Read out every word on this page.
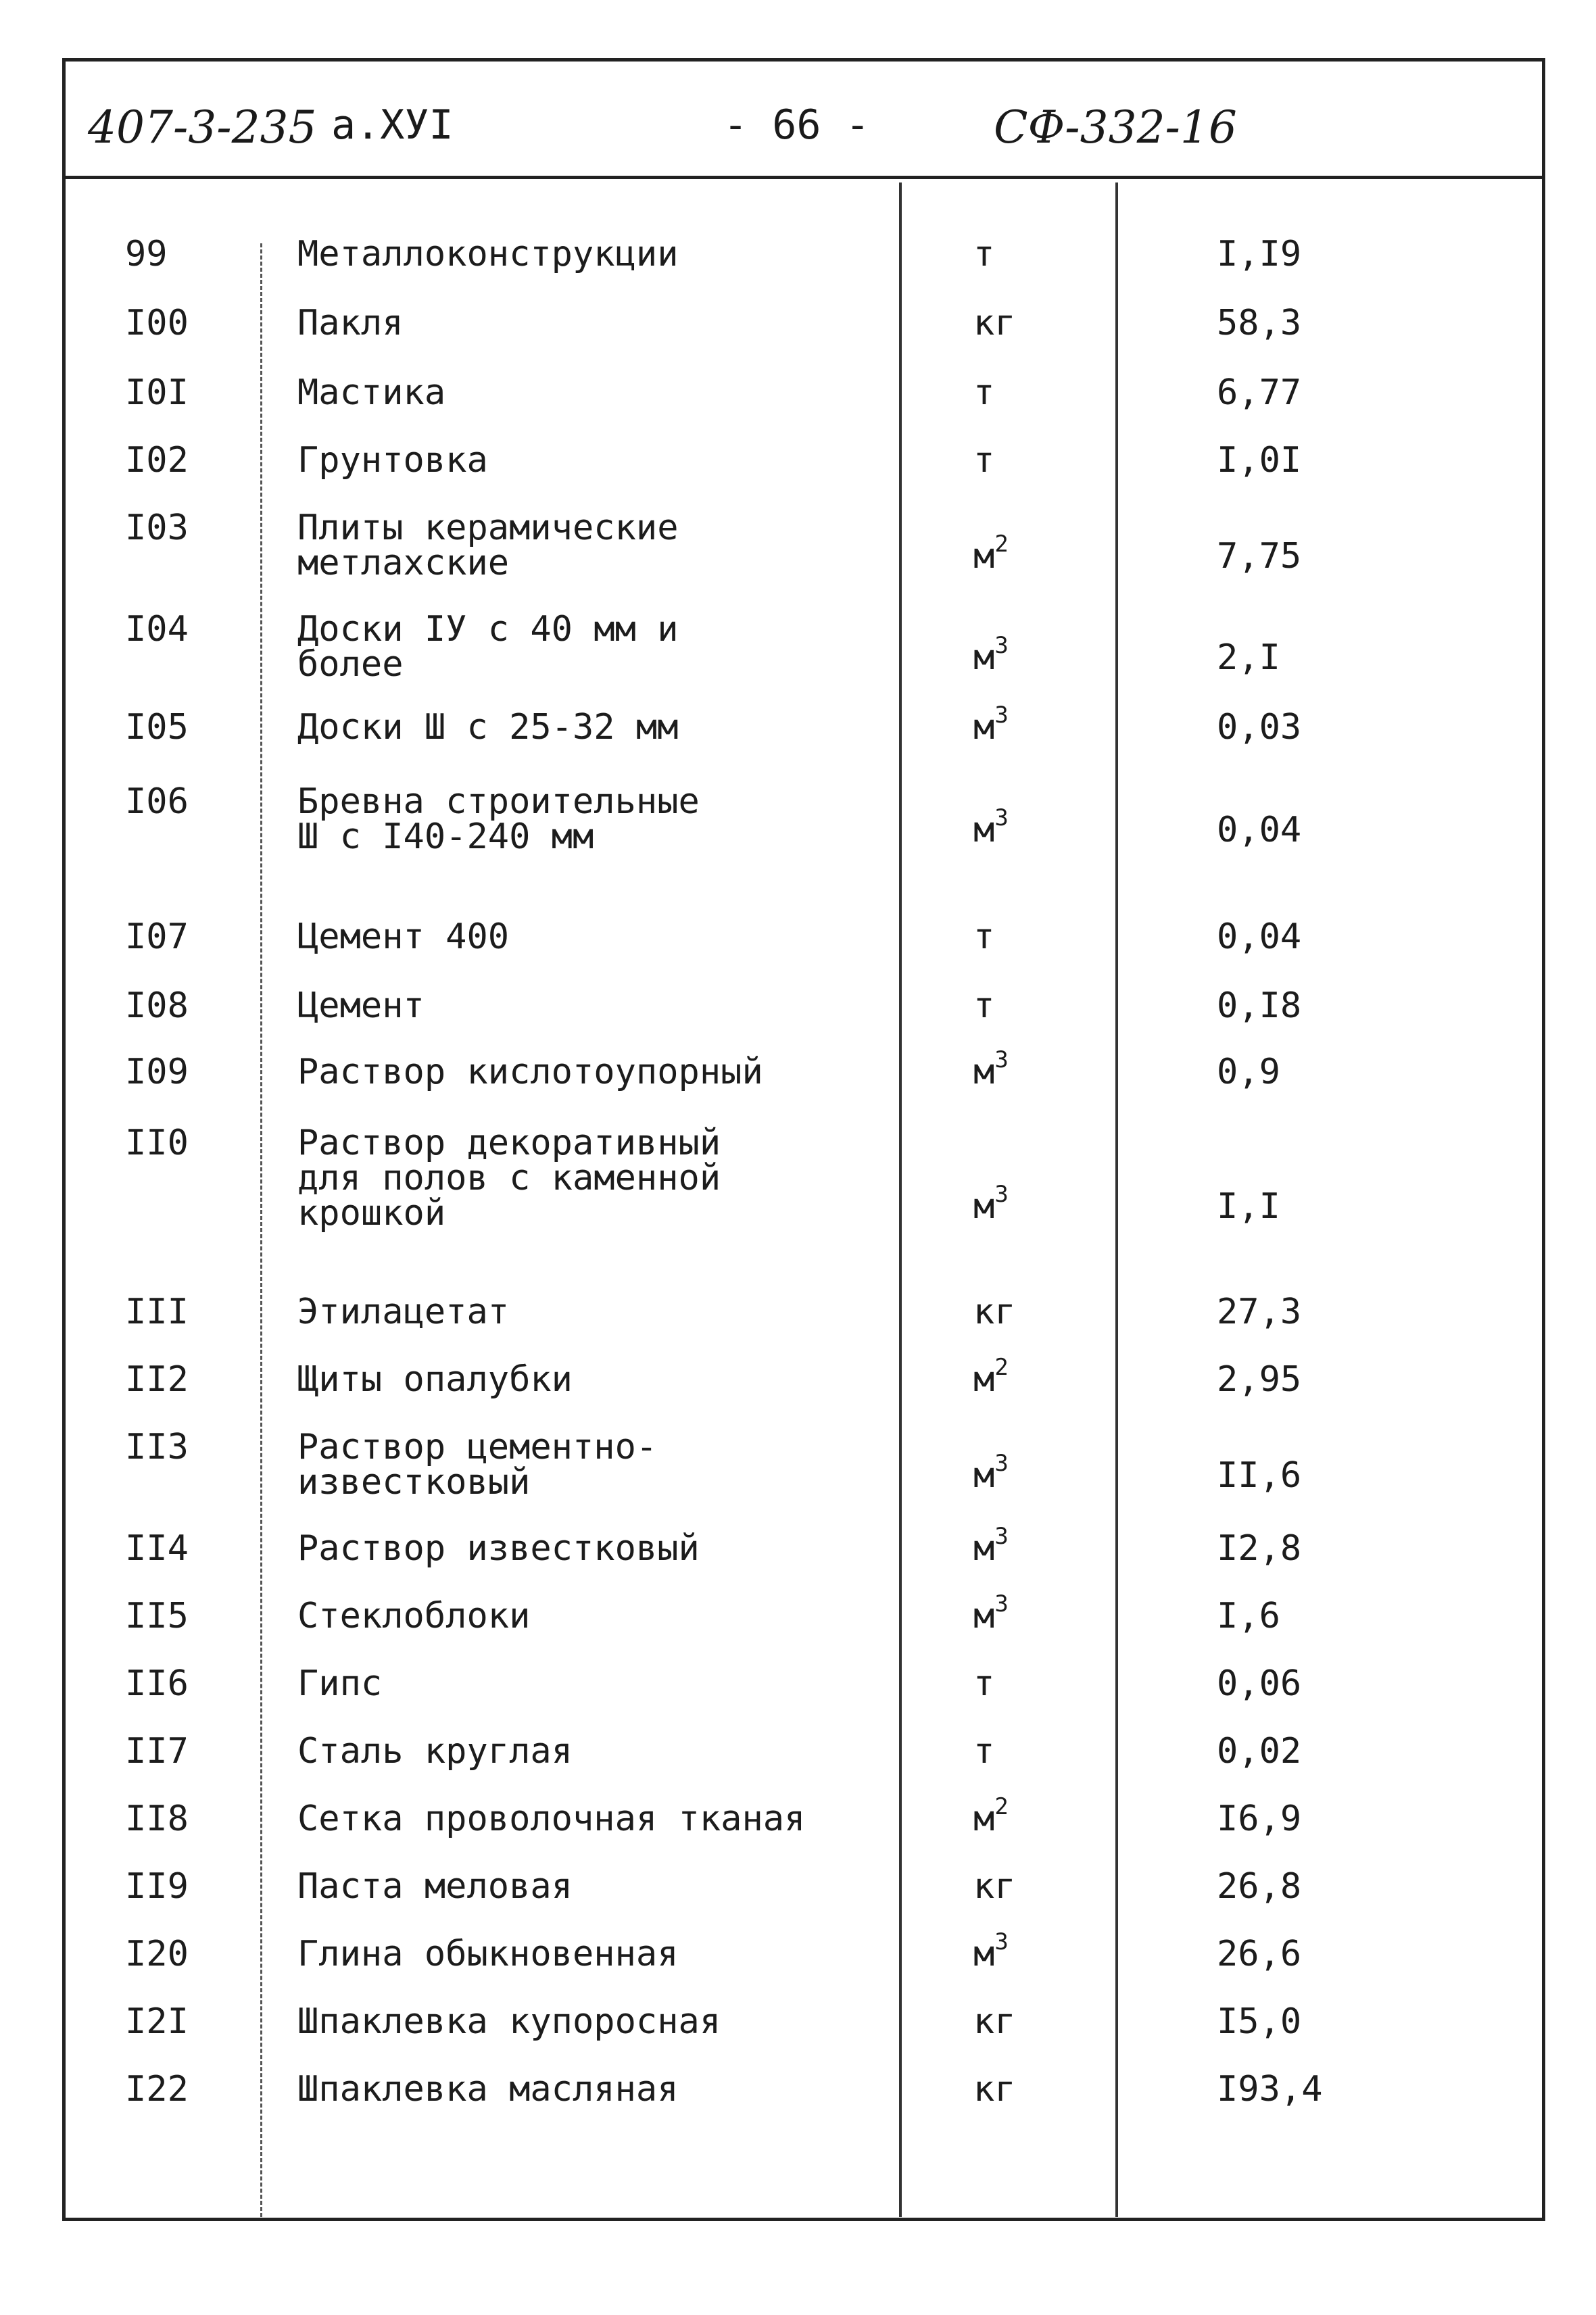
407-3-235 а.ХУI	- 66 -	СФ-332-16
99	Металлоконструкции	т	I,I9
I00	Пакля	кг	58,3
I0I	Мастика	т	6,77
I02	Грунтовка	т	I,0I
I03	Плиты керамические
метлахские	$м^2$	7,75
I04	Доски IУ с 40 мм и
более	$м^3$	2,I
I05	Доски Ш с 25-32 мм	$м^3$	0,03
I06	Бревна строительные
Ш с I40-240 мм	$м^3$	0,04
I07	Цемент 400	т	0,04
I08	Цемент	т	0,I8
I09	Раствор кислотоупорный	$м^3$	0,9
II0	Раствор декоративный
для полов с каменной
крошкой	$м^3$	I,I
III	Этилацетат	кг	27,3
II2	Щиты опалубки	$м^2$	2,95
II3	Раствор цементно-
известковый	$м^3$	II,6
II4	Раствор известковый	$м^3$	I2,8
II5	Стеклоблоки	$м^3$	I,6
II6	Гипс	т	0,06
II7	Сталь круглая	т	0,02
II8	Сетка проволочная тканая	$м^2$	I6,9
II9	Паста меловая	кг	26,8
I20	Глина обыкновенная	$м^3$	26,6
I2I	Шпаклевка купоросная	кг	I5,0
I22	Шпаклевка масляная	кг	I93,4
